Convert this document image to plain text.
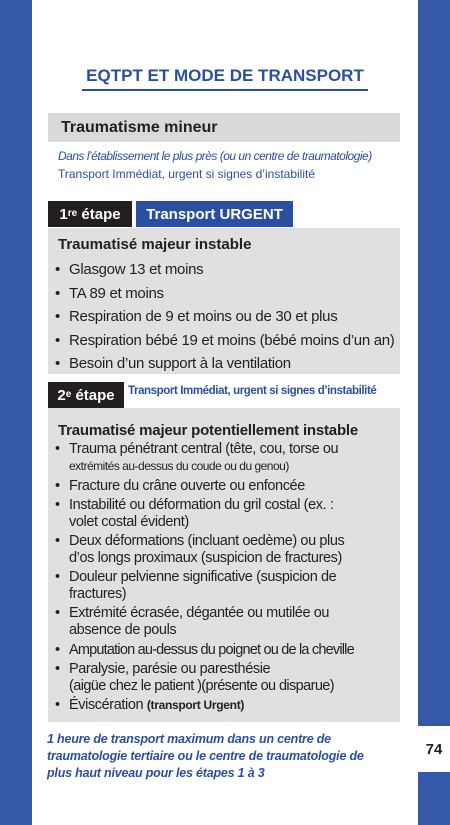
74
EQTPT ET MODE DE TRANSPORT
Traumatisme mineur
Dans l’établissement le plus près (ou un centre de traumatologie)
Transport Immédiat, urgent si signes d’instabilité
1 re
étape	Transport URGENT
Traumatisé majeur instable
• Glasgow 13 et moins
• TA 89 et moins
• Respiration de 9 et moins ou de 30 et plus
• Respiration bébé 19 et moins (bébé moins d’un an)
• Besoin d’un support à la ventilation
2 e
étape Transport Immédiat, urgent si signes d’instabilité
Traumatisé majeur potentiellement instable
• Trauma pénétrant central (tête, cou, torse ou
extrémités au-dessus du coude ou du genou)
• Fracture du crâne ouverte ou enfoncée
• Instabilité ou déformation du gril costal (ex. :
volet costal évident)
• Deux déformations (incluant oedème) ou plus
d’os longs proximaux (suspicion de fractures)
• Douleur pelvienne significative (suspicion de
fractures)
• Extrémité écrasée, dégantée ou mutilée ou
absence de pouls
• Amputation au-dessus du poignet ou de la cheville
• Paralysie, parésie ou paresthésie
(aigüe chez le patient )(présente ou disparue)
• Éviscération (transport Urgent)
1 heure de transport maximum dans un centre de
traumatologie tertiaire ou le centre de traumatologie de
plus haut niveau pour les étapes 1 à 3
